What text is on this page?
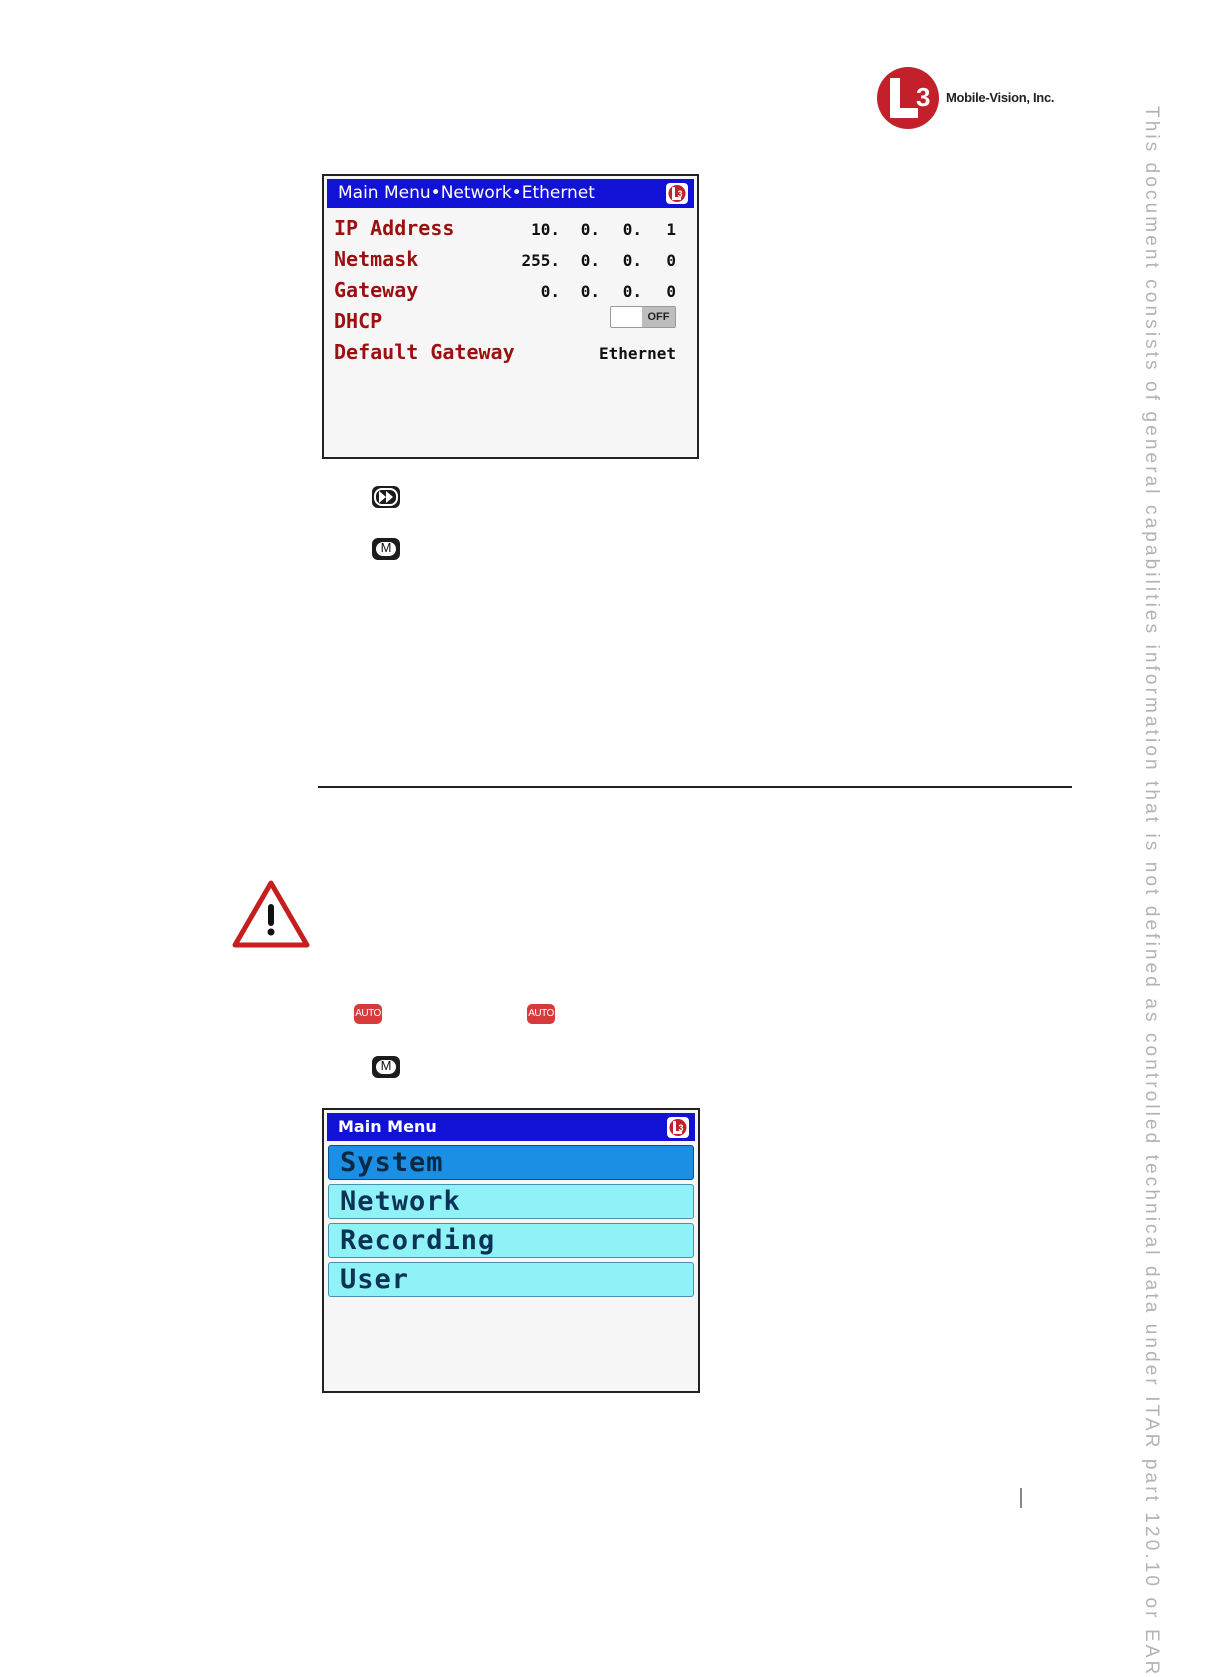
3 Mobile-Vision, Inc.
This document consists of general capabilities information that is not defined as controlled technical data under ITAR part 120.10 or EAR
Main Menu•Network•Ethernet	3
IP Address	10.	0.	0.	1
Netmask	255.	0.	0.	0
Gateway	0.	0.	0.	0
DHCP	OFF
Default Gateway	Ethernet
M
AUTO	AUTO
M
Main Menu	3
System
Network
Recording
User
